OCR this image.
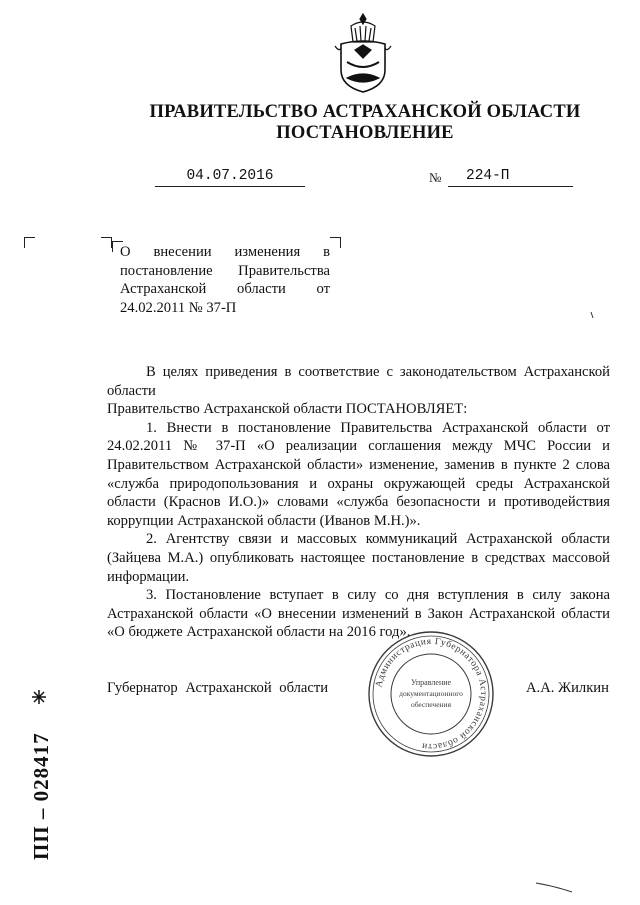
ПРАВИТЕЛЬСТВО АСТРАХАНСКОЙ ОБЛАСТИ
ПОСТАНОВЛЕНИЕ
04.07.2016	№	224-П

О внесении изменения в постановление Правительства Астраханской области от 24.02.2011 № 37-П

В целях приведения в соответствие с законодательством Астраханской области

Правительство Астраханской области ПОСТАНОВЛЯЕТ:

1. Внести в постановление Правительства Астраханской области от 24.02.2011 № 37-П «О реализации соглашения между МЧС России и Правительством Астраханской области» изменение, заменив в пункте 2 слова «служба природопользования и охраны окружающей среды Астраханской области (Краснов И.О.)» словами «служба безопасности и противодействия коррупции Астраханской области (Иванов М.Н.)».

2. Агентству связи и массовых коммуникаций Астраханской области (Зайцева М.А.) опубликовать настоящее постановление в средствах массовой информации.

3. Постановление вступает в силу со дня вступления в силу закона Астраханской области «О внесении изменений в Закон Астраханской области «О бюджете Астраханской области на 2016 год».

Губернатор Астраханской области	А.А. Жилкин
Администрация Губернатора Астраханской области
Управление
документационного
обеспечения
ПП – 028417
